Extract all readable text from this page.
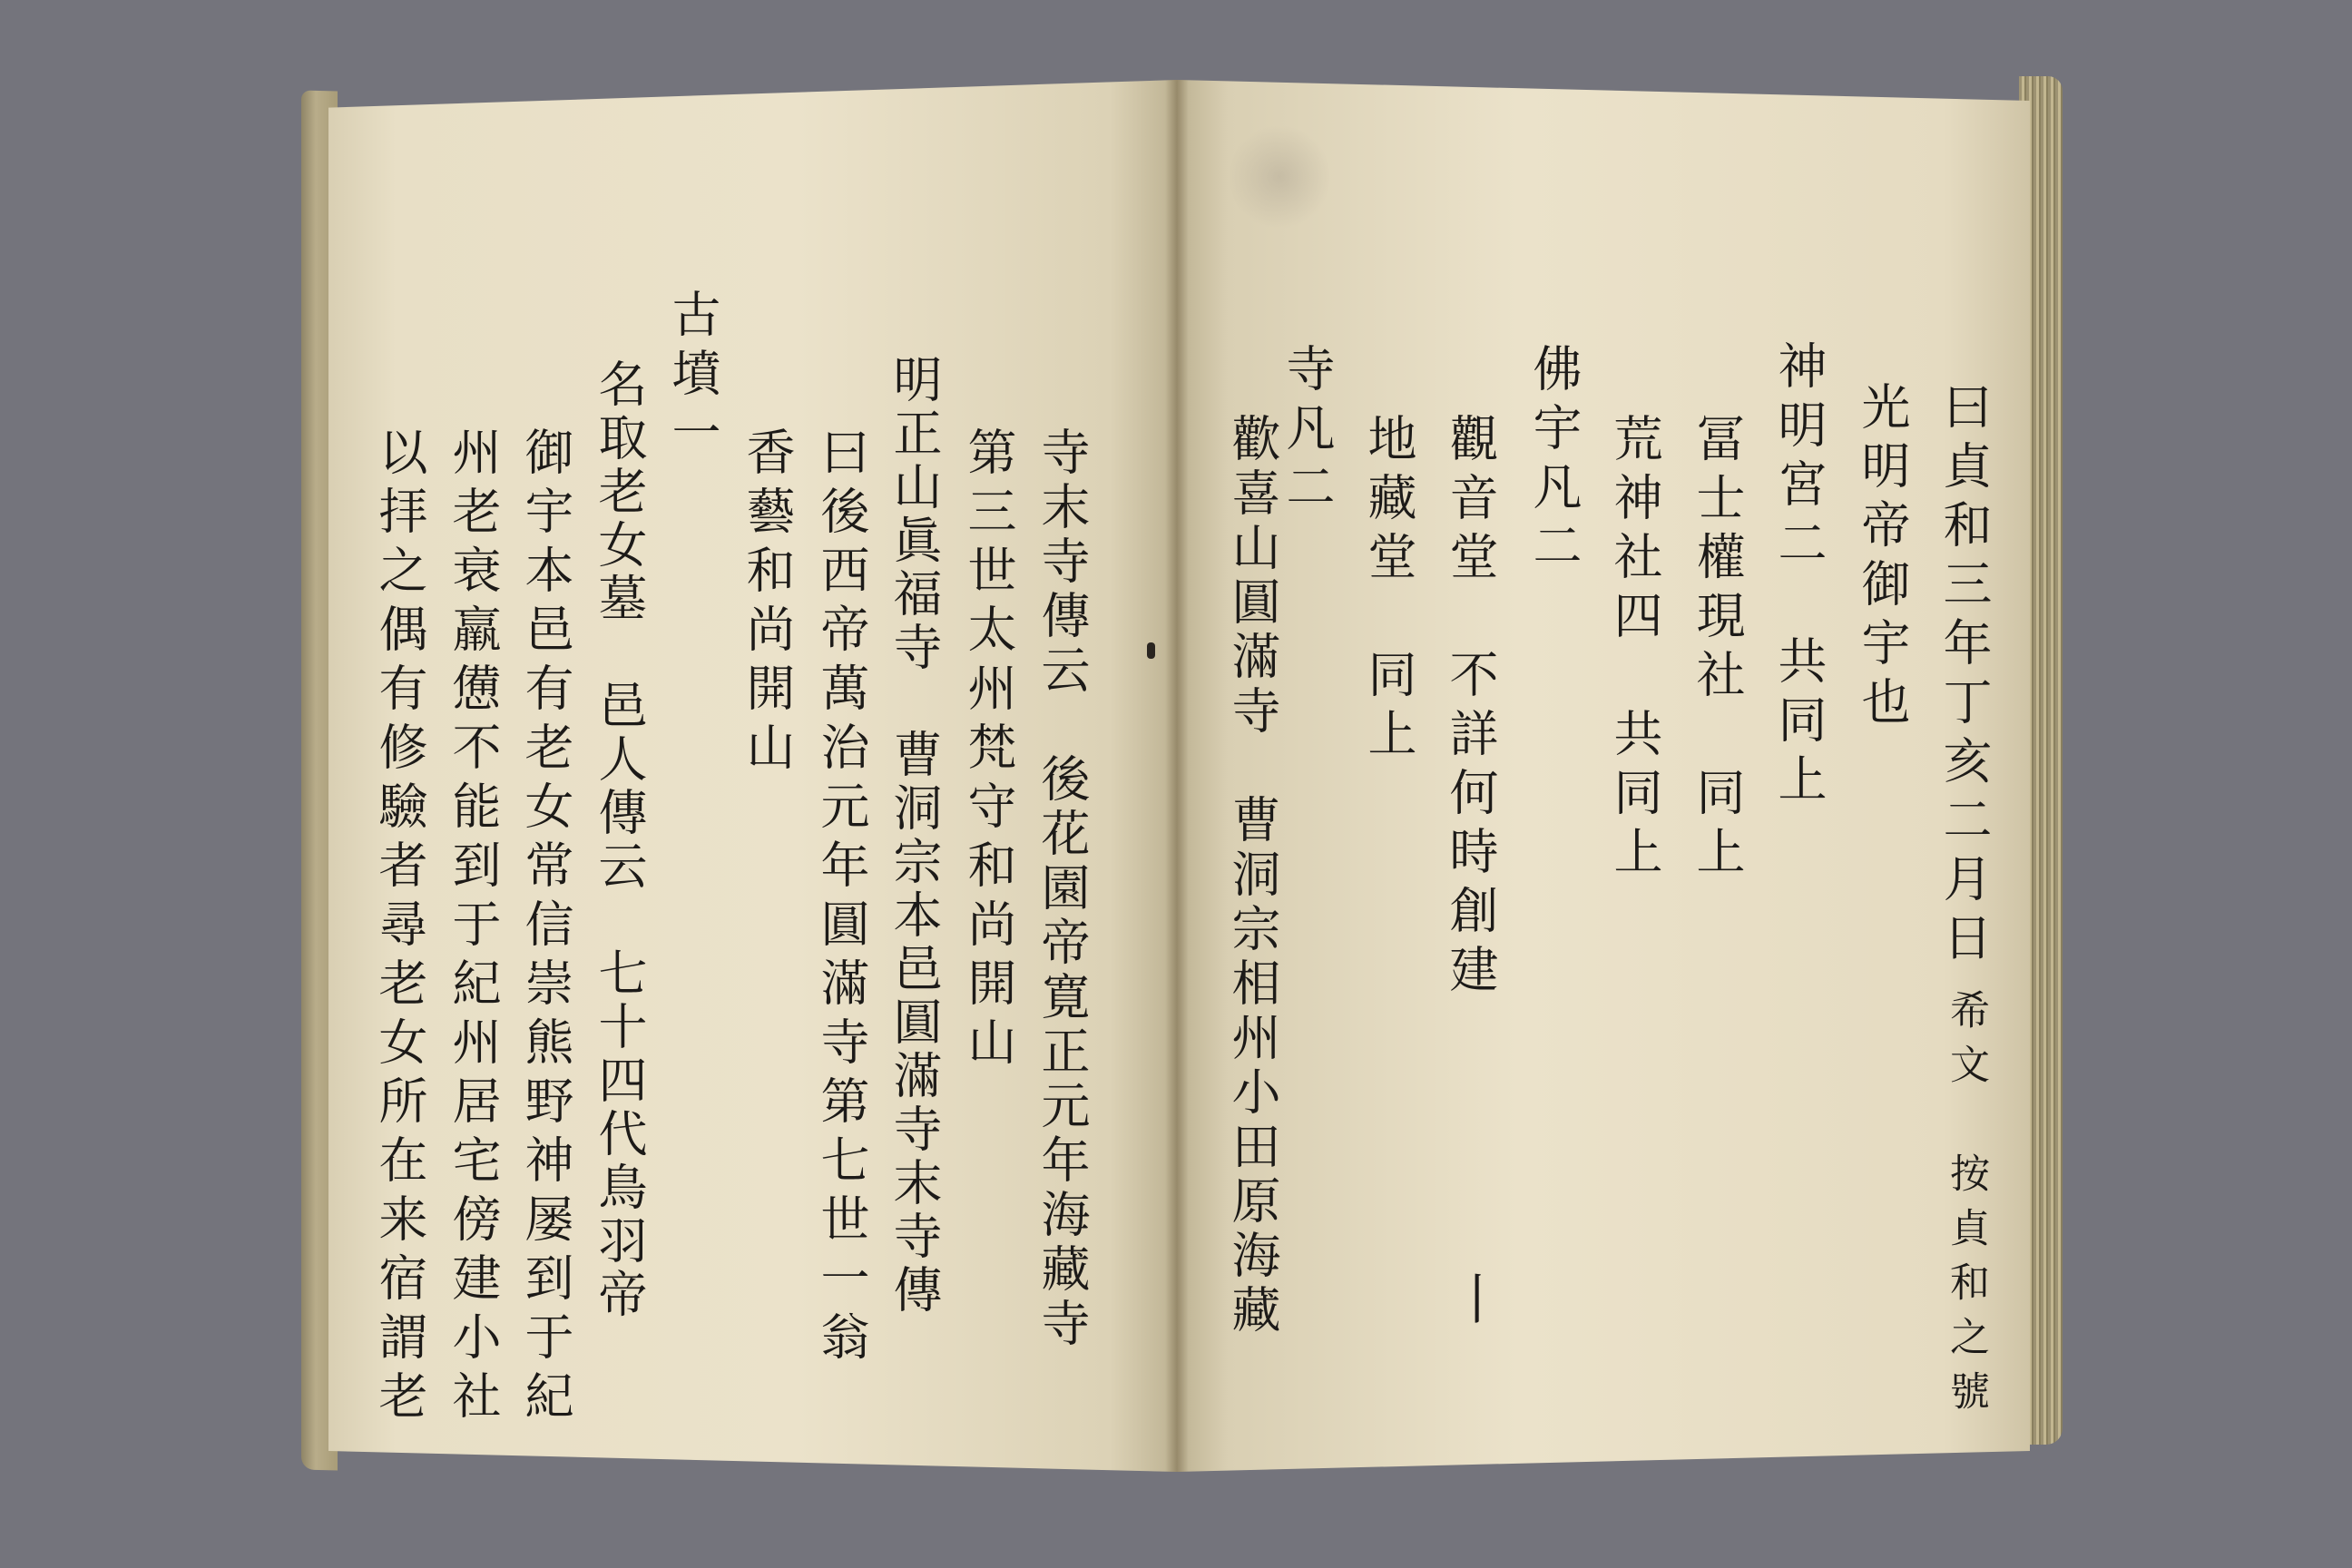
曰貞和三年丁亥二月日
希文　按貞和之號
光明帝御宇也
神明宮二　共同上
冨士權現社　同上
荒神社四　共同上
佛宇凡二
觀音堂　不詳何時創建
地藏堂　同上
寺凡二
歡喜山圓滿寺　曹洞宗相州小田原海藏	丨
寺末寺傳云　後花園帝寛正元年海藏寺
第三世太州梵守和尚開山
明正山眞福寺　曹洞宗本邑圓滿寺末寺傳
曰後西帝萬治元年圓滿寺第七世一翁
香藝和尚開山
古墳一
名取老女墓　邑人傳云　七十四代鳥羽帝
御宇本邑有老女常信崇熊野神屡到于紀
州老衰羸憊不能到于紀州居宅傍建小社
以拝之偶有修驗者尋老女所在来宿謂老
